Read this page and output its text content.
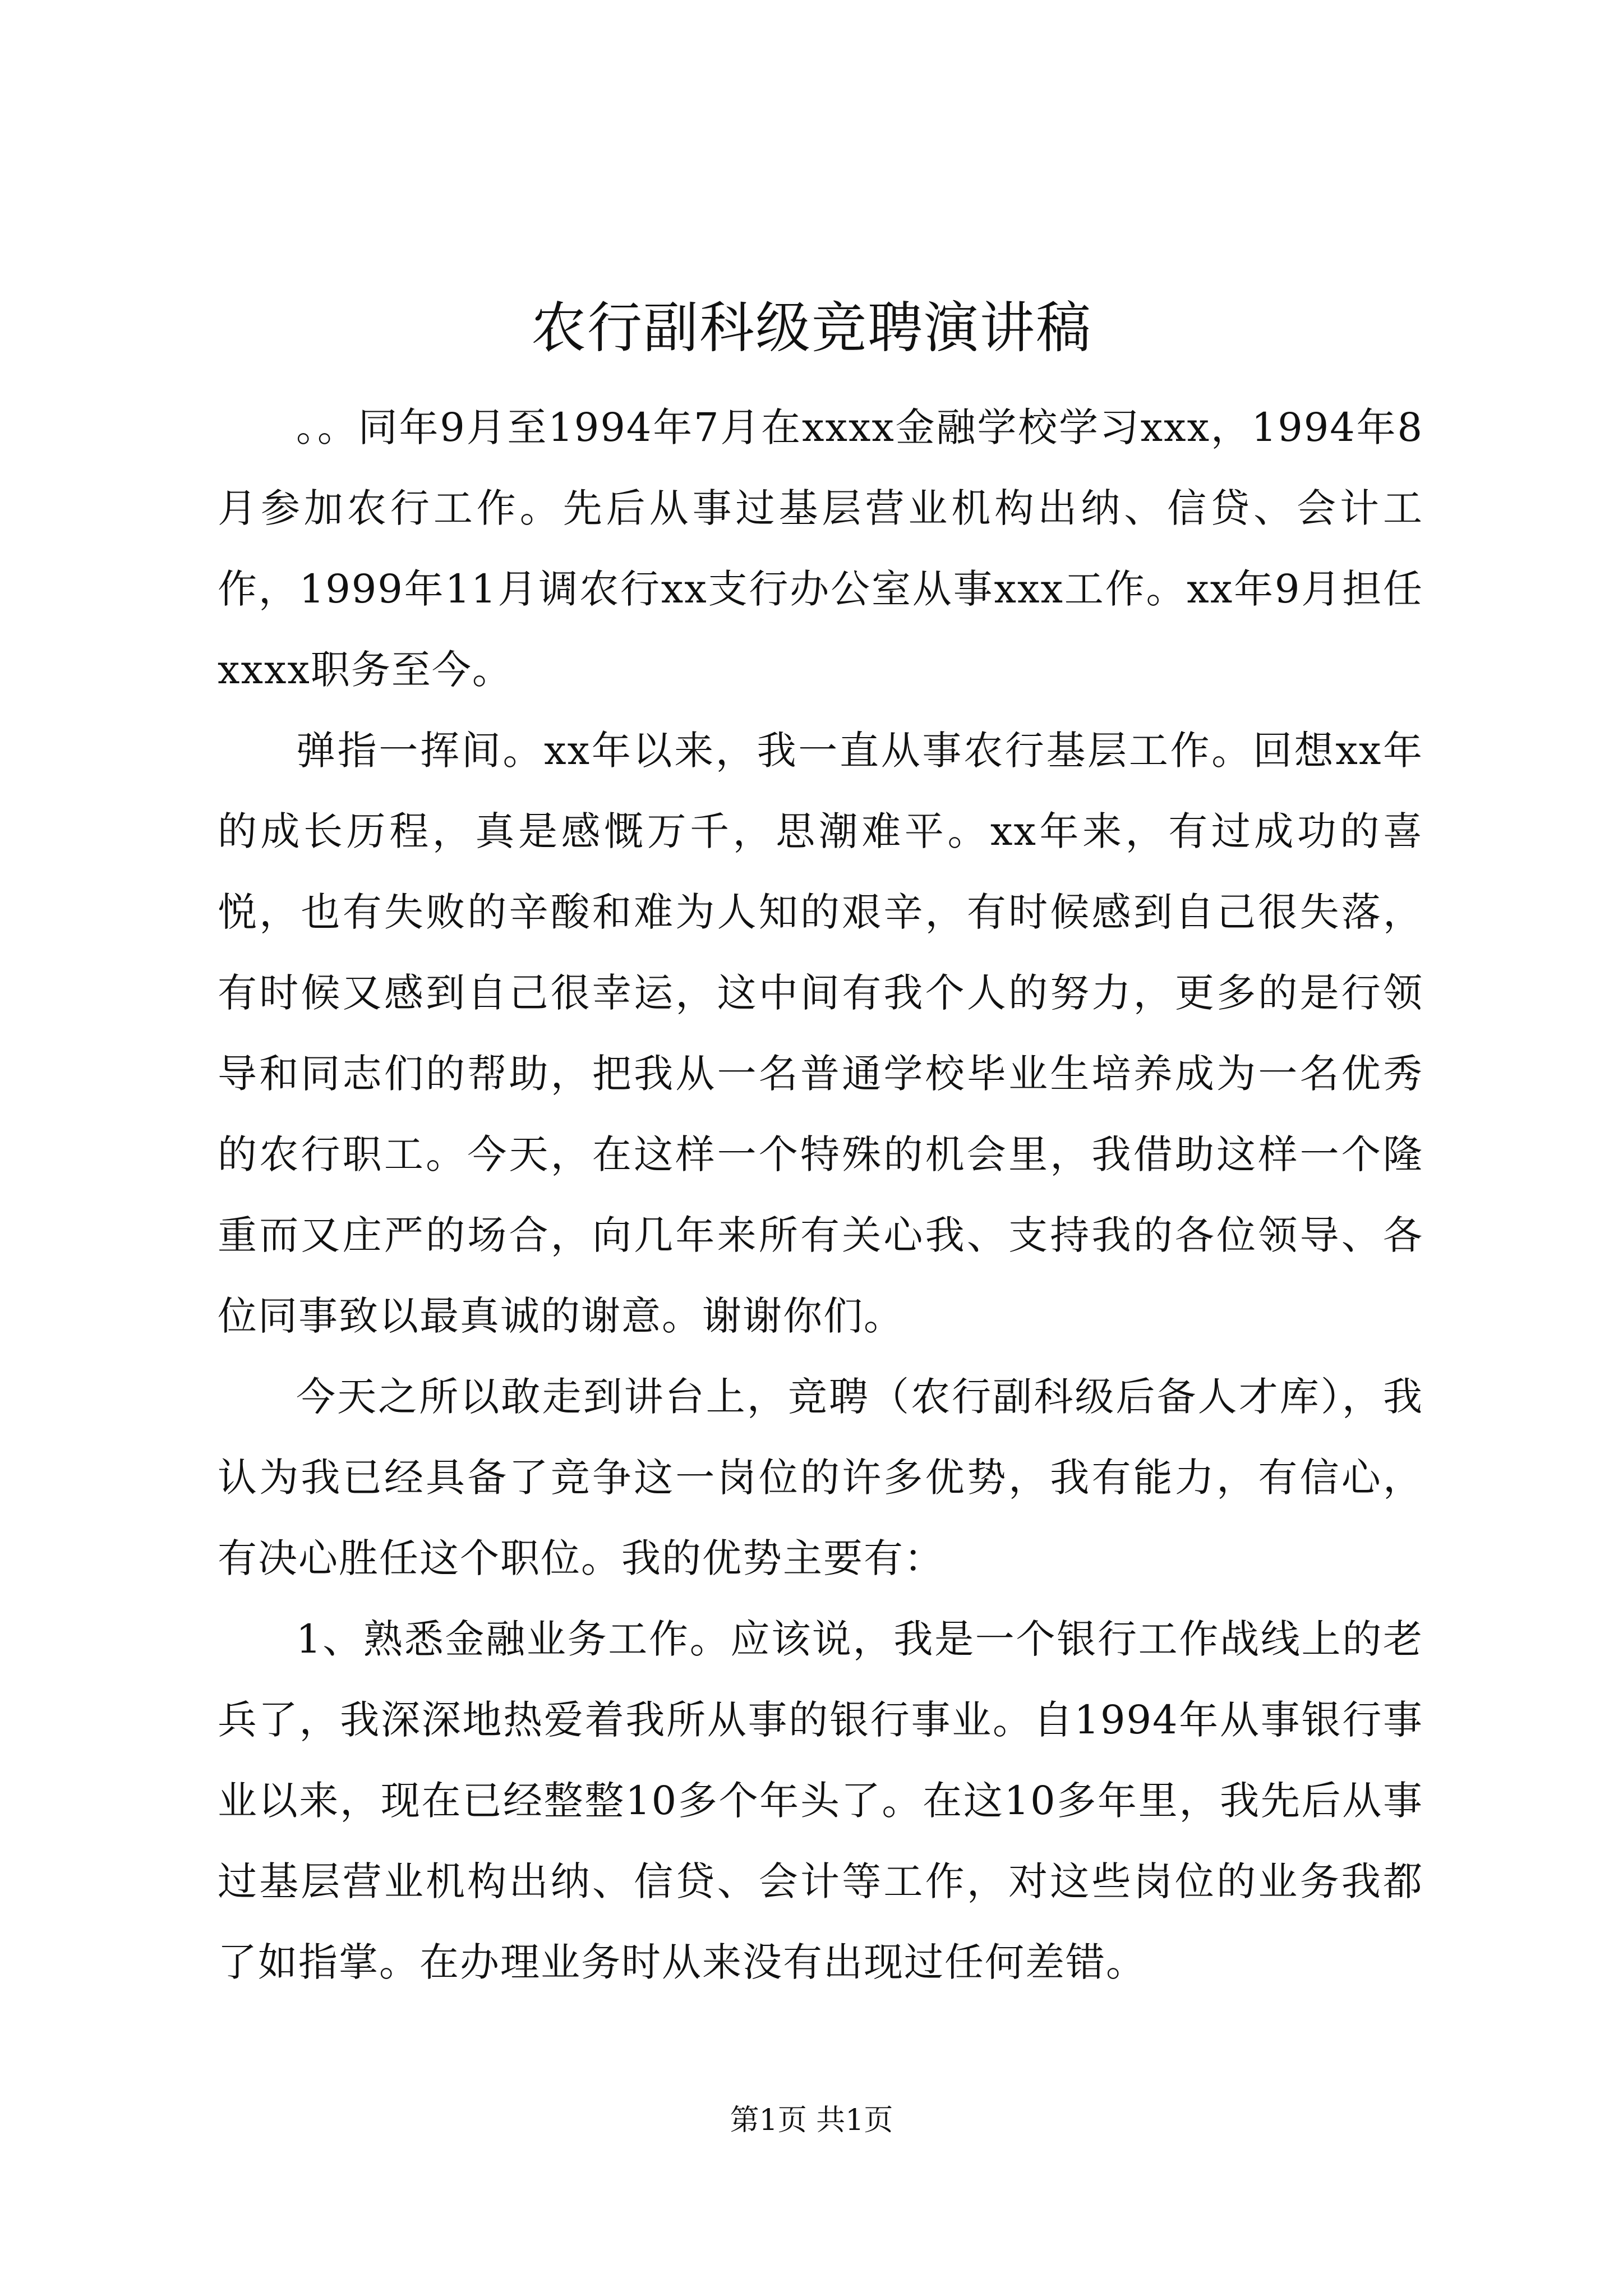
农行副科级竞聘演讲稿

。。同年9月至1994年7月在xxxx金融学校学习xxx，1994年8月参加农行工作。先后从事过基层营业机构出纳、信贷、会计工作，1999年11月调农行xx支行办公室从事xxx工作。xx年9月担任xxxx职务至今。

弹指一挥间。xx年以来，我一直从事农行基层工作。回想xx年的成长历程，真是感慨万千，思潮难平。xx年来，有过成功的喜悦，也有失败的辛酸和难为人知的艰辛，有时候感到自己很失落，有时候又感到自己很幸运，这中间有我个人的努力，更多的是行领导和同志们的帮助，把我从一名普通学校毕业生培养成为一名优秀的农行职工。今天，在这样一个特殊的机会里，我借助这样一个隆重而又庄严的场合，向几年来所有关心我、支持我的各位领导、各位同事致以最真诚的谢意。谢谢你们。

今天之所以敢走到讲台上，竞聘（农行副科级后备人才库），我认为我已经具备了竞争这一岗位的许多优势，我有能力，有信心，有决心胜任这个职位。我的优势主要有：

1、熟悉金融业务工作。应该说，我是一个银行工作战线上的老兵了，我深深地热爱着我所从事的银行事业。自1994年从事银行事业以来，现在已经整整10多个年头了。在这10多年里，我先后从事过基层营业机构出纳、信贷、会计等工作，对这些岗位的业务我都了如指掌。在办理业务时从来没有出现过任何差错。

第1页 共1页
